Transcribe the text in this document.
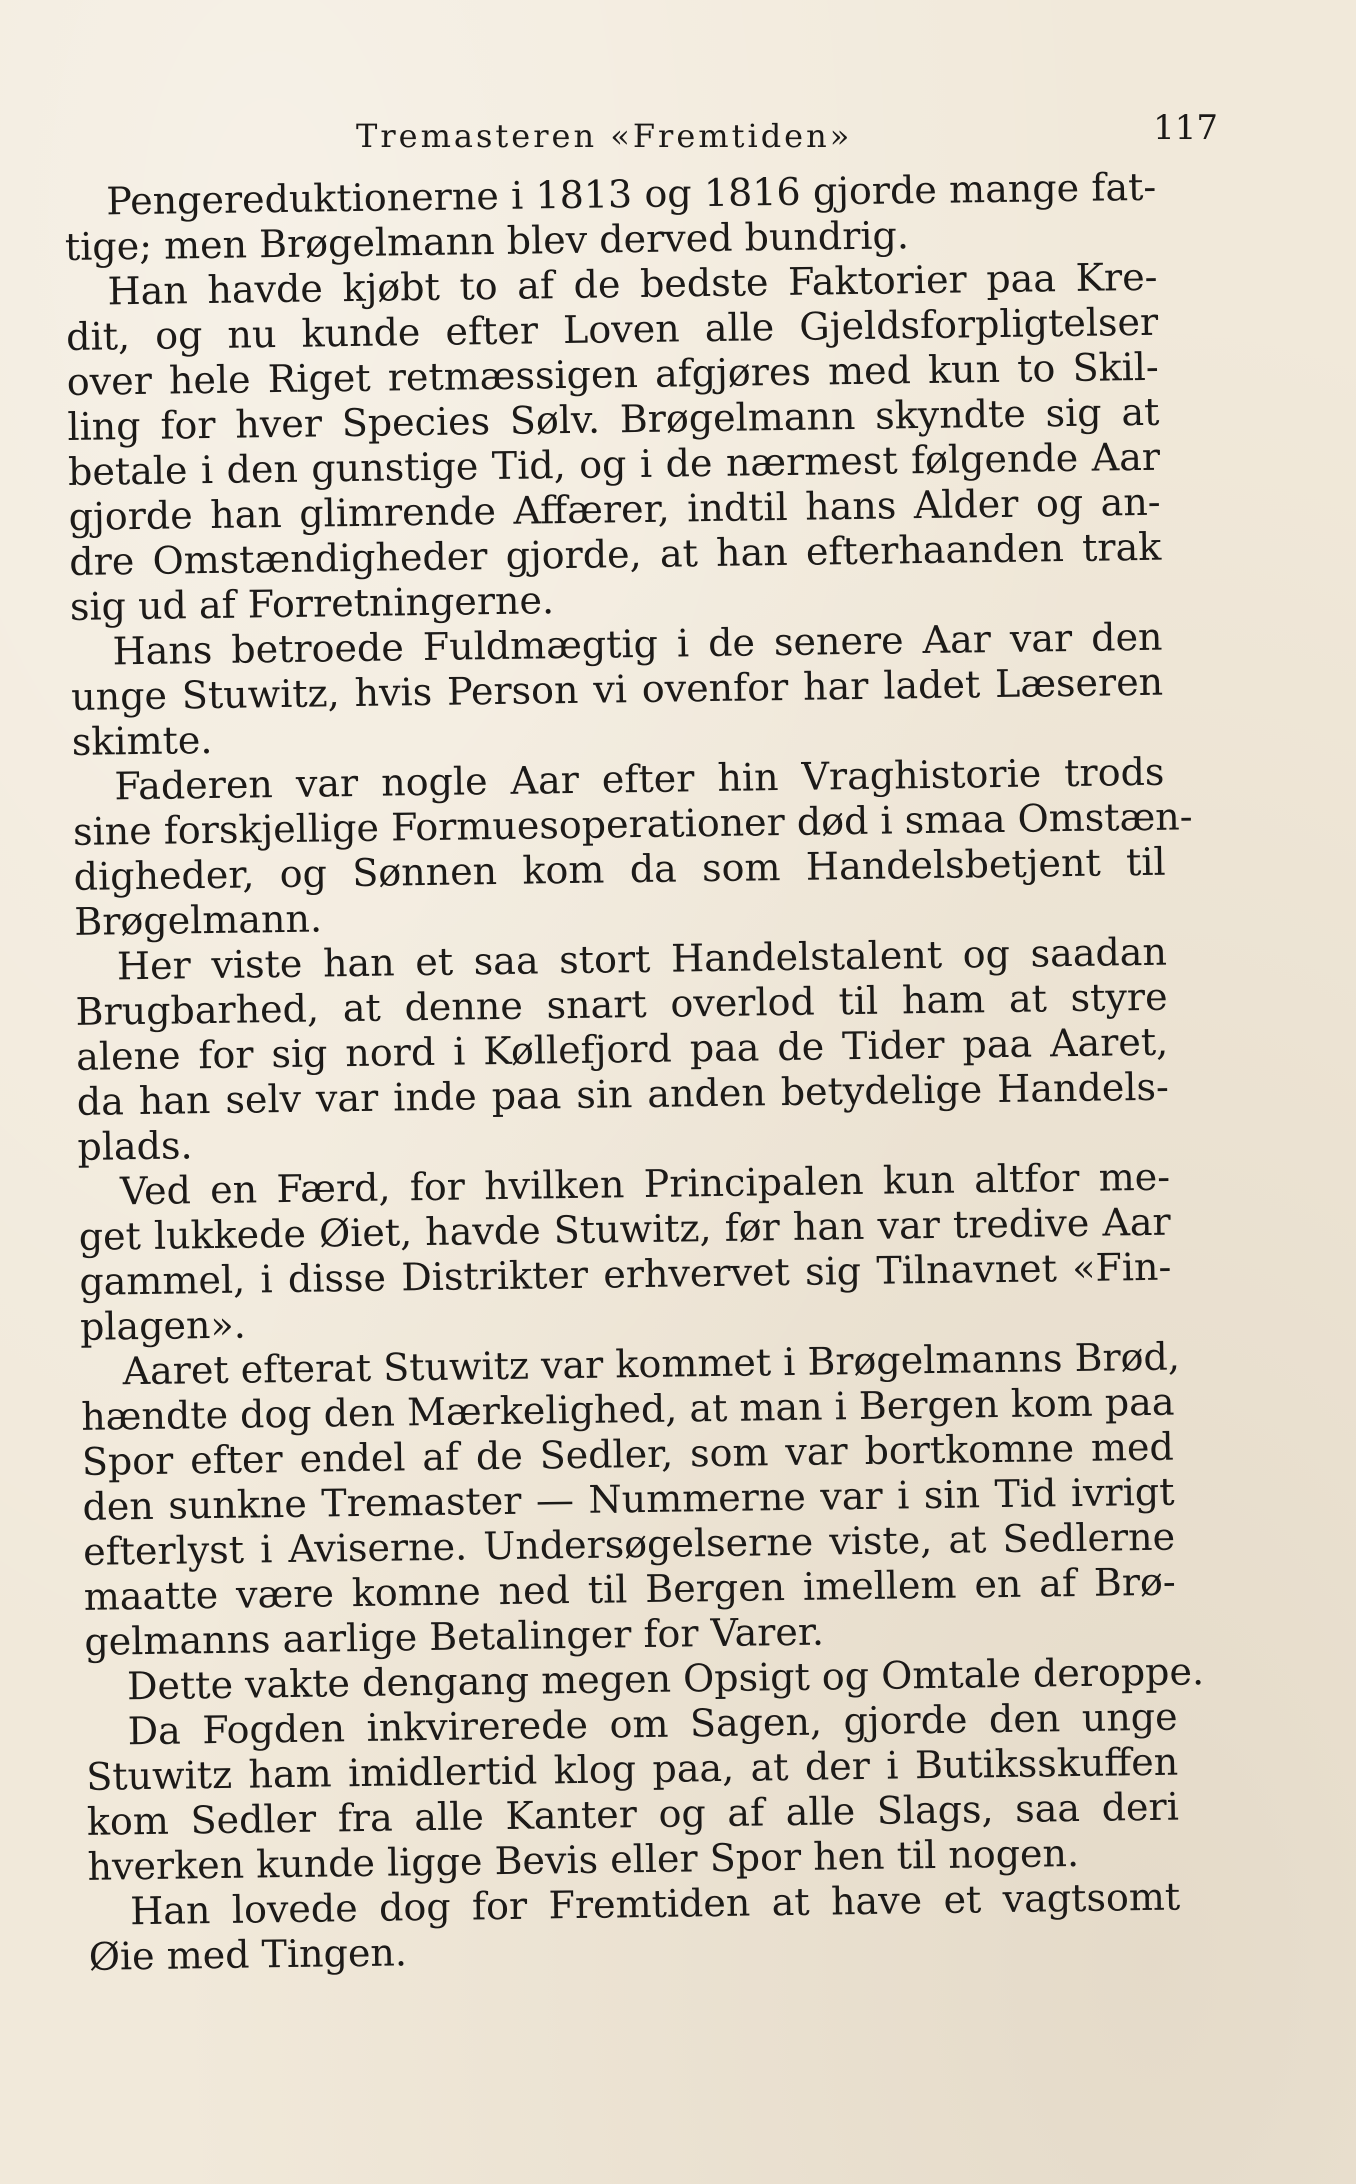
Tremasteren «Fremtiden»	117
Pengereduktionerne i 1813 og 1816 gjorde mange fat-
tige; men Brøgelmann blev derved bundrig.
Han havde kjøbt to af de bedste Faktorier paa Kre-
dit, og nu kunde efter Loven alle Gjeldsforpligtelser
over hele Riget retmæssigen afgjøres med kun to Skil-
ling for hver Species Sølv. Brøgelmann skyndte sig at
betale i den gunstige Tid, og i de nærmest følgende Aar
gjorde han glimrende Affærer, indtil hans Alder og an-
dre Omstændigheder gjorde, at han efterhaanden trak
sig ud af Forretningerne.
Hans betroede Fuldmægtig i de senere Aar var den
unge Stuwitz, hvis Person vi ovenfor har ladet Læseren
skimte.
Faderen var nogle Aar efter hin Vraghistorie trods
sine forskjellige Formuesoperationer død i smaa Omstæn-
digheder, og Sønnen kom da som Handelsbetjent til
Brøgelmann.
Her viste han et saa stort Handelstalent og saadan
Brugbarhed, at denne snart overlod til ham at styre
alene for sig nord i Køllefjord paa de Tider paa Aaret,
da han selv var inde paa sin anden betydelige Handels-
plads.
Ved en Færd, for hvilken Principalen kun altfor me-
get lukkede Øiet, havde Stuwitz, før han var tredive Aar
gammel, i disse Distrikter erhvervet sig Tilnavnet «Fin-
plagen».
Aaret efterat Stuwitz var kommet i Brøgelmanns Brød,
hændte dog den Mærkelighed, at man i Bergen kom paa
Spor efter endel af de Sedler, som var bortkomne med
den sunkne Tremaster — Nummerne var i sin Tid ivrigt
efterlyst i Aviserne. Undersøgelserne viste, at Sedlerne
maatte være komne ned til Bergen imellem en af Brø-
gelmanns aarlige Betalinger for Varer.
Dette vakte dengang megen Opsigt og Omtale deroppe.
Da Fogden inkvirerede om Sagen, gjorde den unge
Stuwitz ham imidlertid klog paa, at der i Butiksskuffen
kom Sedler fra alle Kanter og af alle Slags, saa deri
hverken kunde ligge Bevis eller Spor hen til nogen.
Han lovede dog for Fremtiden at have et vagtsomt
Øie med Tingen.
